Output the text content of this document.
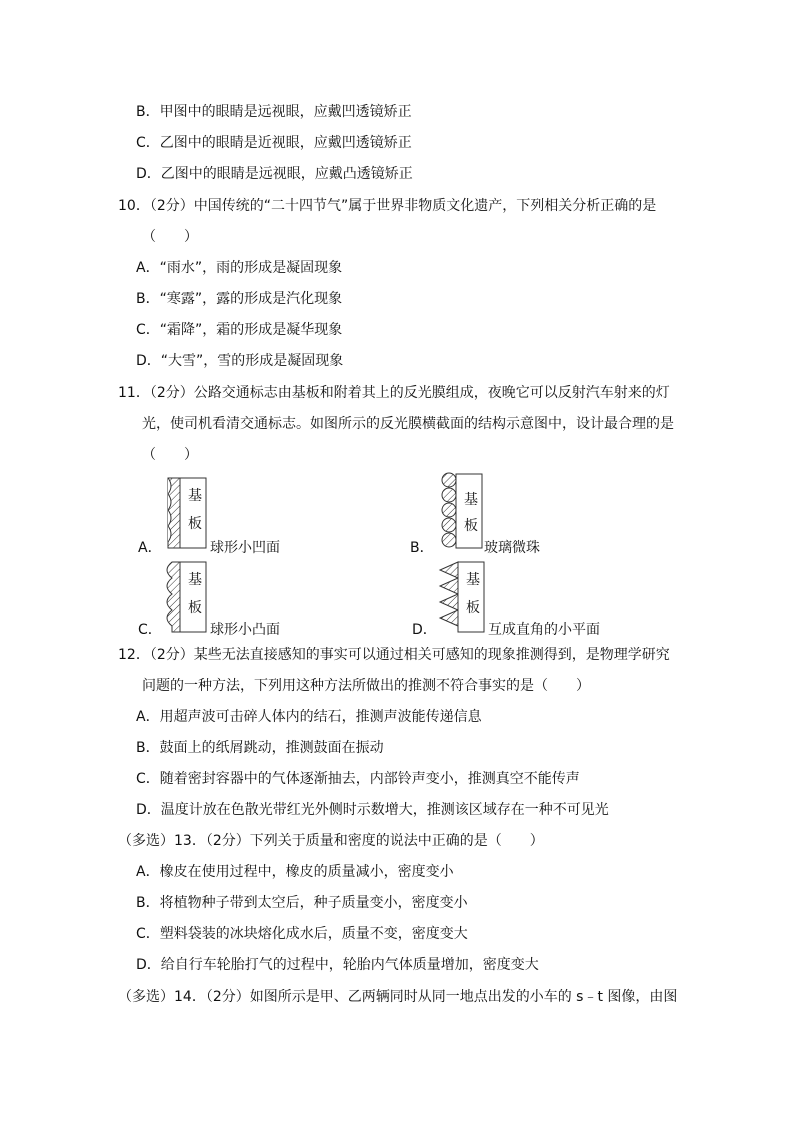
B．甲图中的眼睛是远视眼，应戴凹透镜矫正
C．乙图中的眼睛是近视眼，应戴凹透镜矫正
D．乙图中的眼睛是远视眼，应戴凸透镜矫正
10．（2分）中国传统的“二十四节气”属于世界非物质文化遗产，下列相关分析正确的是
（　　）
A．“雨水”，雨的形成是凝固现象
B．“寒露”，露的形成是汽化现象
C．“霜降”，霜的形成是凝华现象
D．“大雪”，雪的形成是凝固现象
11．（2分）公路交通标志由基板和附着其上的反光膜组成，夜晚它可以反射汽车射来的灯
光，使司机看清交通标志。如图所示的反光膜横截面的结构示意图中，设计最合理的是
（　　）
A．
基
板
球形小凹面	B．
基
板
玻璃微珠
C．
基
板
球形小凸面	D．
基
板
互成直角的小平面
12．（2分）某些无法直接感知的事实可以通过相关可感知的现象推测得到，是物理学研究
问题的一种方法，下列用这种方法所做出的推测不符合事实的是（　　）
A．用超声波可击碎人体内的结石，推测声波能传递信息
B．鼓面上的纸屑跳动，推测鼓面在振动
C．随着密封容器中的气体逐渐抽去，内部铃声变小，推测真空不能传声
D．温度计放在色散光带红光外侧时示数增大，推测该区域存在一种不可见光
（多选）13．（2分）下列关于质量和密度的说法中正确的是（　　）
A．橡皮在使用过程中，橡皮的质量减小，密度变小
B．将植物种子带到太空后，种子质量变小，密度变小
C．塑料袋装的冰块熔化成水后，质量不变，密度变大
D．给自行车轮胎打气的过程中，轮胎内气体质量增加，密度变大
（多选）14．（2分）如图所示是甲、乙两辆同时从同一地点出发的小车的 s﹣t 图像，由图
